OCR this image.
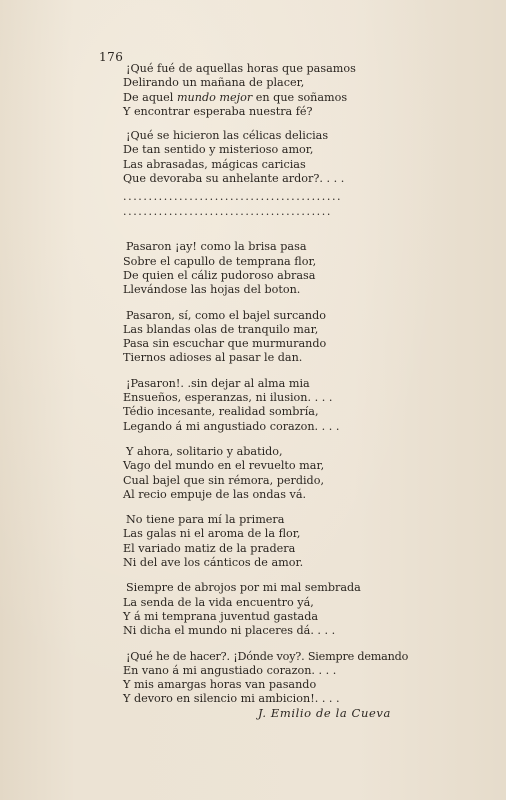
176
¡Qué fué de aquellas horas que pasamos
Delirando un mañana de placer,
De aquel mundo mejor en que soñamos
Y encontrar esperaba nuestra fé?
¡Qué se hicieron las célicas delicias
De tan sentido y misterioso amor,
Las abrasadas, mágicas caricias
Que devoraba su anhelante ardor?. . . .
...........................................
.........................................
Pasaron ¡ay! como la brisa pasa
Sobre el capullo de temprana flor,
De quien el cáliz pudoroso abrasa
Llevándose las hojas del boton.
Pasaron, sí, como el bajel surcando
Las blandas olas de tranquilo mar,
Pasa sin escuchar que murmurando
Tiernos adioses al pasar le dan.
¡Pasaron!. .sin dejar al alma mia
Ensueños, esperanzas, ni ilusion. . . .
Tédio incesante, realidad sombría,
Legando á mi angustiado corazon. . . .
Y ahora, solitario y abatido,
Vago del mundo en el revuelto mar,
Cual bajel que sin rémora, perdido,
Al recio empuje de las ondas vá.
No tiene para mí la primera
Las galas ni el aroma de la flor,
El variado matiz de la pradera
Ni del ave los cánticos de amor.
Siempre de abrojos por mi mal sembrada
La senda de la vida encuentro yá,
Y á mi temprana juventud gastada
Ni dicha el mundo ni placeres dá. . . .
¡Qué he de hacer?. ¡Dónde voy?. Siempre demando
En vano á mi angustiado corazon. . . .
Y mis amargas horas van pasando
Y devoro en silencio mi ambicion!. . . .
J. Emilio de la Cueva
